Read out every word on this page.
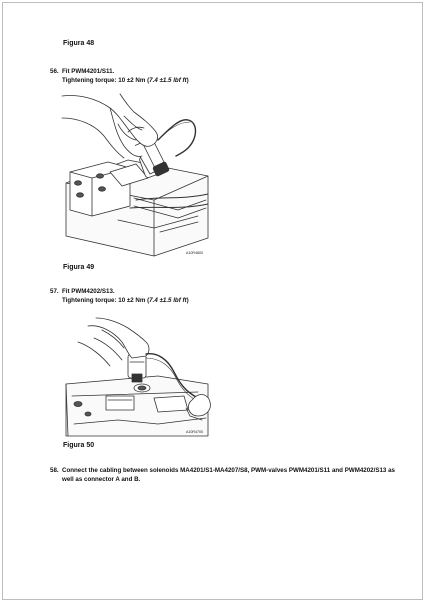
Figura 48
56. Fit PWM4201/S11.
Tightening torque: 10 ±2 Nm (7.4 ±1.5 lbf ft)
A10R4800
Figura 49
57. Fit PWM4202/S13.
Tightening torque: 10 ±2 Nm (7.4 ±1.5 lbf ft)
A10R4700
Figura 50
58. Connect the cabling between solenoids MA4201/S1-MA4207/S8, PWM-valves PWM4201/S11 and PWM4202/S13 as well as connector A and B.
